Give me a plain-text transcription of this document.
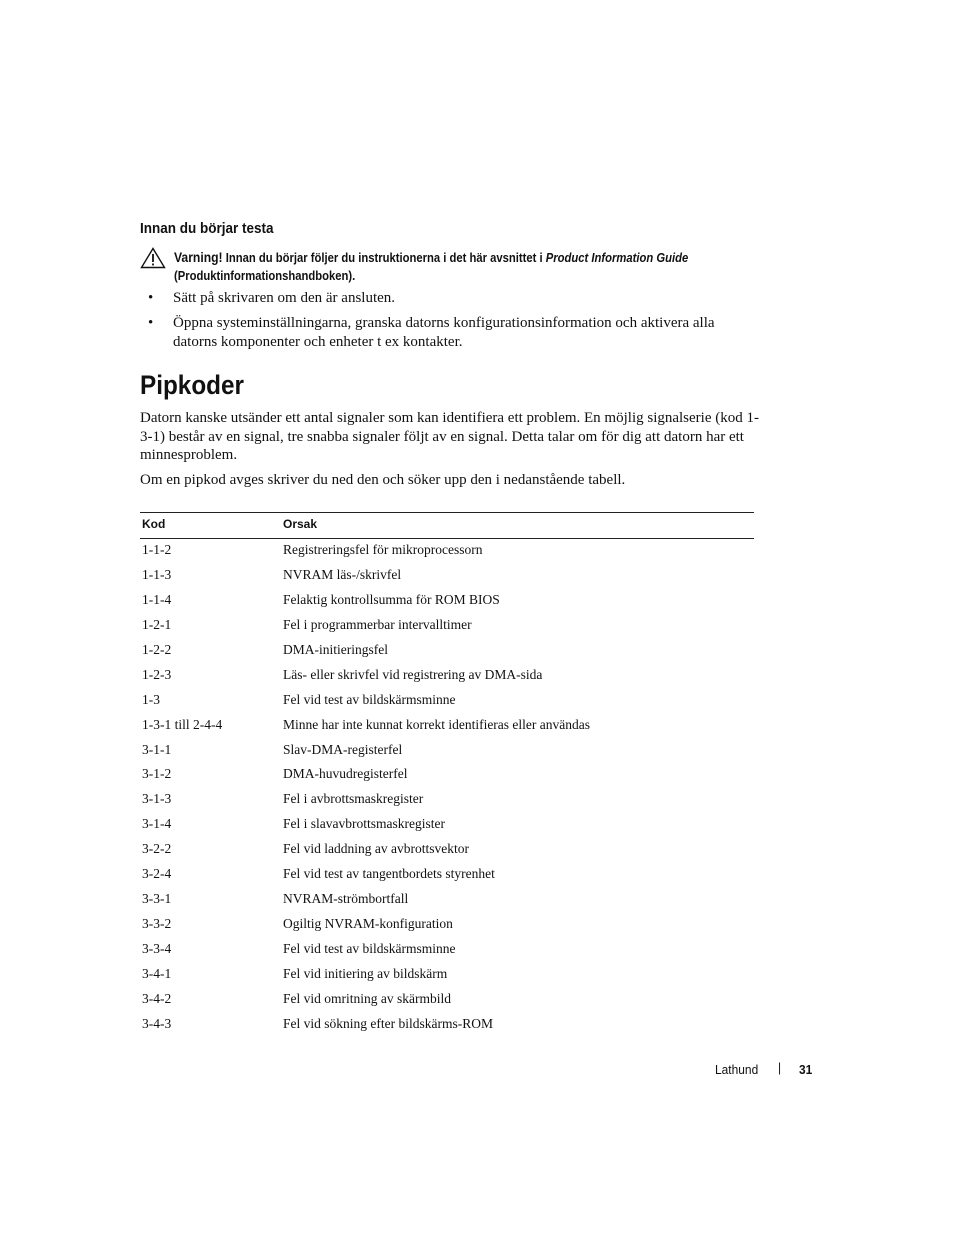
Innan du börjar testa
Varning! Innan du börjar följer du instruktionerna i det här avsnittet i Product Information Guide
(Produktinformationshandboken).
• Sätt på skrivaren om den är ansluten.
• Öppna systeminställningarna, granska datorns konfigurationsinformation och aktivera alla datorns komponenter och enheter t ex kontakter.
Pipkoder

Datorn kanske utsänder ett antal signaler som kan identifiera ett problem. En möjlig signalserie (kod 1-3-1) består av en signal, tre snabba signaler följt av en signal. Detta talar om för dig att datorn har ett minnesproblem.

Om en pipkod avges skriver du ned den och söker upp den i nedanstående tabell.

Kod	Orsak
1-1-2	Registreringsfel för mikroprocessorn
1-1-3	NVRAM läs-/skrivfel
1-1-4	Felaktig kontrollsumma för ROM BIOS
1-2-1	Fel i programmerbar intervalltimer
1-2-2	DMA-initieringsfel
1-2-3	Läs- eller skrivfel vid registrering av DMA-sida
1-3	Fel vid test av bildskärmsminne
1-3-1 till 2-4-4	Minne har inte kunnat korrekt identifieras eller användas
3-1-1	Slav-DMA-registerfel
3-1-2	DMA-huvudregisterfel
3-1-3	Fel i avbrottsmaskregister
3-1-4	Fel i slavavbrottsmaskregister
3-2-2	Fel vid laddning av avbrottsvektor
3-2-4	Fel vid test av tangentbordets styrenhet
3-3-1	NVRAM-strömbortfall
3-3-2	Ogiltig NVRAM-konfiguration
3-3-4	Fel vid test av bildskärmsminne
3-4-1	Fel vid initiering av bildskärm
3-4-2	Fel vid omritning av skärmbild
3-4-3	Fel vid sökning efter bildskärms-ROM
Lathund | 31
